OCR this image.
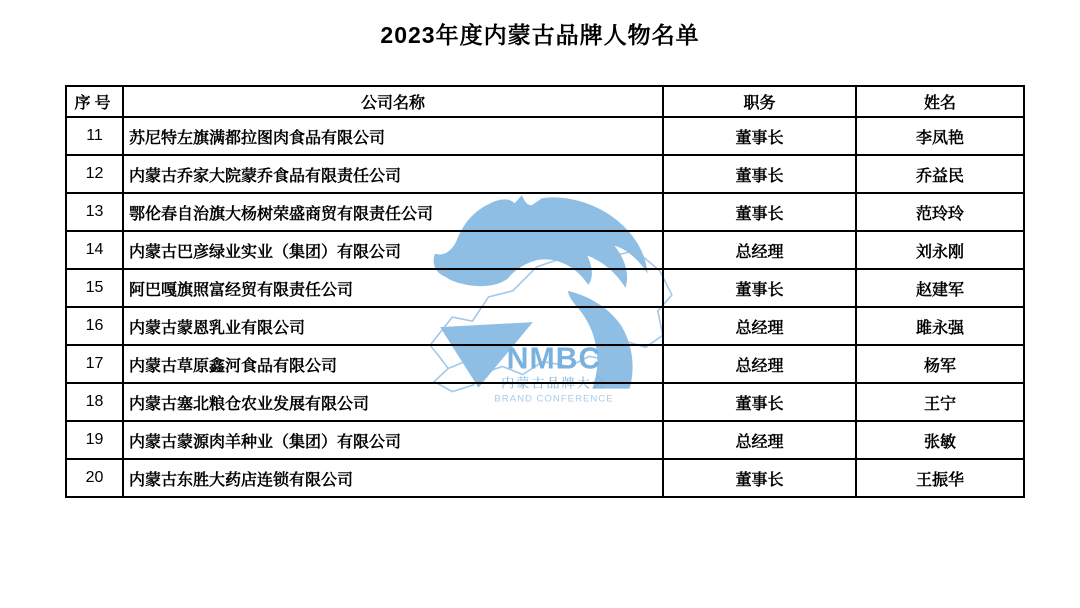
2023年度内蒙古品牌人物名单
NMBC
内蒙古品牌大会
BRAND CONFERENCE
序号	公司名称	职务	姓名
11	苏尼特左旗满都拉图肉食品有限公司	董事长	李凤艳
12	内蒙古乔家大院蒙乔食品有限责任公司	董事长	乔益民
13	鄂伦春自治旗大杨树荣盛商贸有限责任公司	董事长	范玲玲
14	内蒙古巴彦绿业实业（集团）有限公司	总经理	刘永刚
15	阿巴嘎旗照富经贸有限责任公司	董事长	赵建军
16	内蒙古蒙恩乳业有限公司	总经理	雎永强
17	内蒙古草原鑫河食品有限公司	总经理	杨军
18	内蒙古塞北粮仓农业发展有限公司	董事长	王宁
19	内蒙古蒙源肉羊种业（集团）有限公司	总经理	张敏
20	内蒙古东胜大药店连锁有限公司	董事长	王振华
